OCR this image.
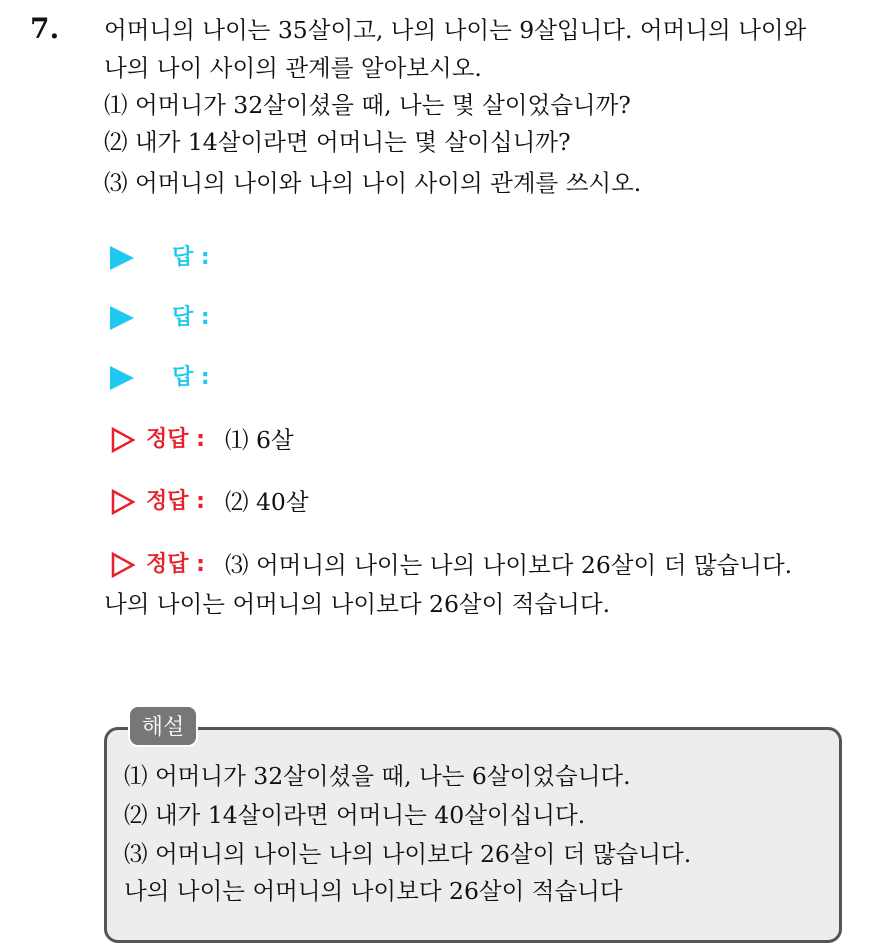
7. 어머니의 나이는 35살이고, 나의 나이는 9살입니다. 어머니의 나이와
나의 나이 사이의 관계를 알아보시오.
⑴ 어머니가 32살이셨을 때, 나는 몇 살이었습니까?
⑵ 내가 14살이라면 어머니는 몇 살이십니까?
⑶ 어머니의 나이와 나의 나이 사이의 관계를 쓰시오.
답 :
답 :
답 :
정답 : ⑴ 6살
정답 : ⑵ 40살
정답 : ⑶ 어머니의 나이는 나의 나이보다 26살이 더 많습니다.
나의 나이는 어머니의 나이보다 26살이 적습니다.
해설
⑴ 어머니가 32살이셨을 때, 나는 6살이었습니다.
⑵ 내가 14살이라면 어머니는 40살이십니다.
⑶ 어머니의 나이는 나의 나이보다 26살이 더 많습니다.
나의 나이는 어머니의 나이보다 26살이 적습니다
